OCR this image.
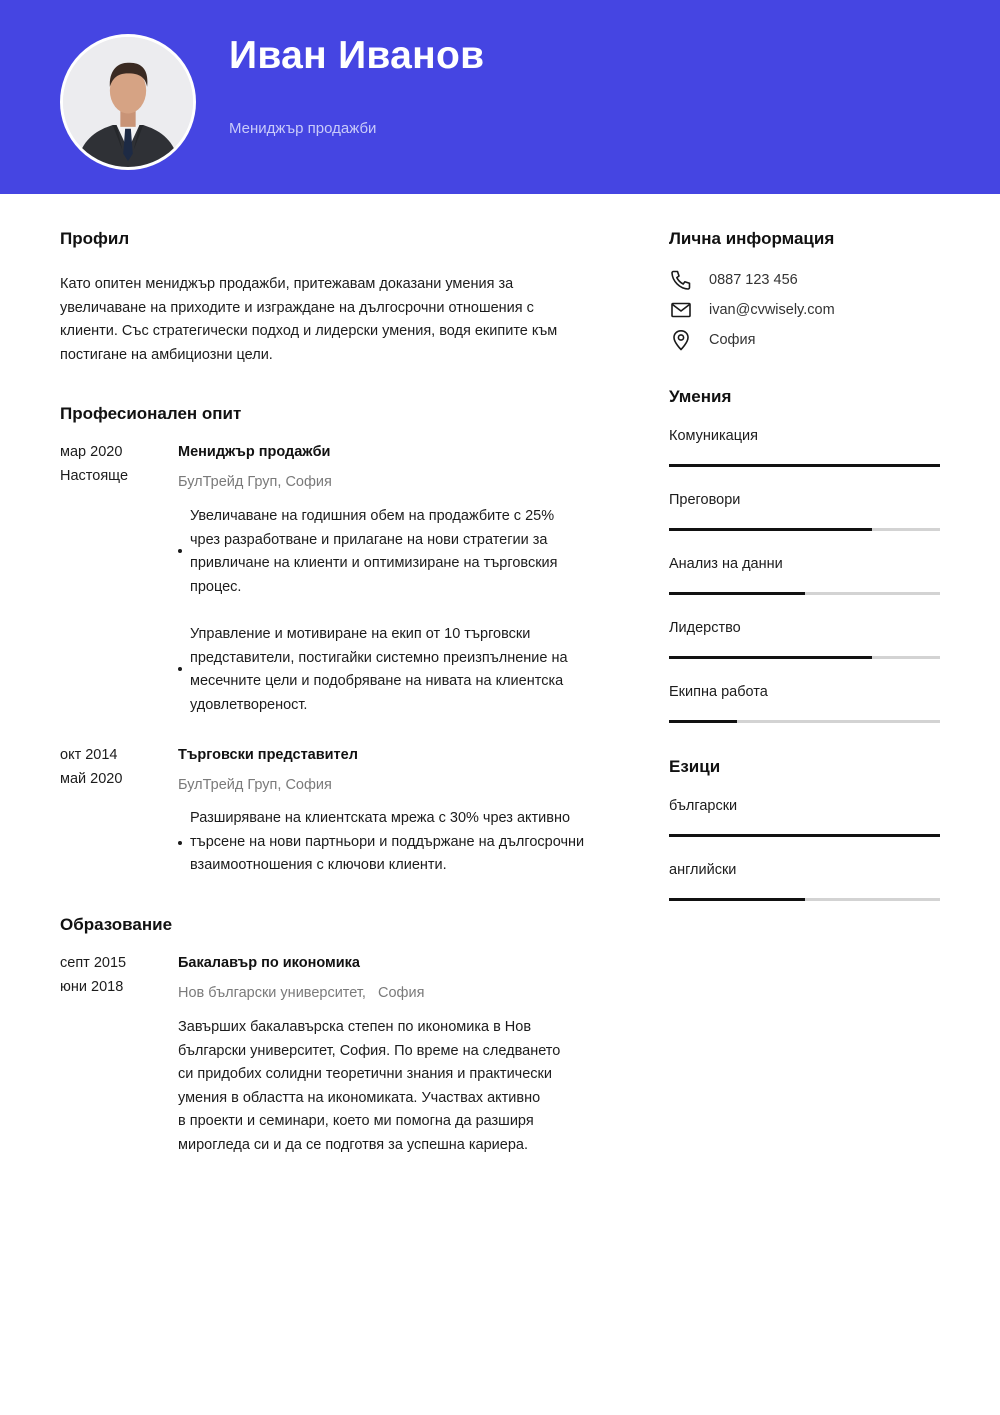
Иван Иванов
Мениджър продажби
Профил
Като опитен мениджър продажби, притежавам доказани умения за
увеличаване на приходите и изграждане на дългосрочни отношения с
клиенти. Със стратегически подход и лидерски умения, водя екипите към
постигане на амбициозни цели.
Професионален опит
мар 2020
Настояще
Мениджър продажби
БулТрейд Груп, София
Увеличаване на годишния обем на продажбите с 25%
чрез разработване и прилагане на нови стратегии за
привличане на клиенти и оптимизиране на търговския
процес.
Управление и мотивиране на екип от 10 търговски
представители, постигайки системно преизпълнение на
месечните цели и подобряване на нивата на клиентска
удовлетвореност.
окт 2014
май 2020
Търговски представител
БулТрейд Груп, София
Разширяване на клиентската мрежа с 30% чрез активно
търсене на нови партньори и поддържане на дългосрочни
взаимоотношения с ключови клиенти.
Образование
септ 2015
юни 2018
Бакалавър по икономика
Нов български университет,   София
Завърших бакалавърска степен по икономика в Нов
български университет, София. По време на следването
си придобих солидни теоретични знания и практически
умения в областта на икономиката. Участвах активно
в проекти и семинари, което ми помогна да разширя
мирогледа си и да се подготвя за успешна кариера.
Лична информация
0887 123 456
ivan@cvwisely.com
София
Умения
Комуникация
Преговори
Анализ на данни
Лидерство
Екипна работа
Езици
български
английски
